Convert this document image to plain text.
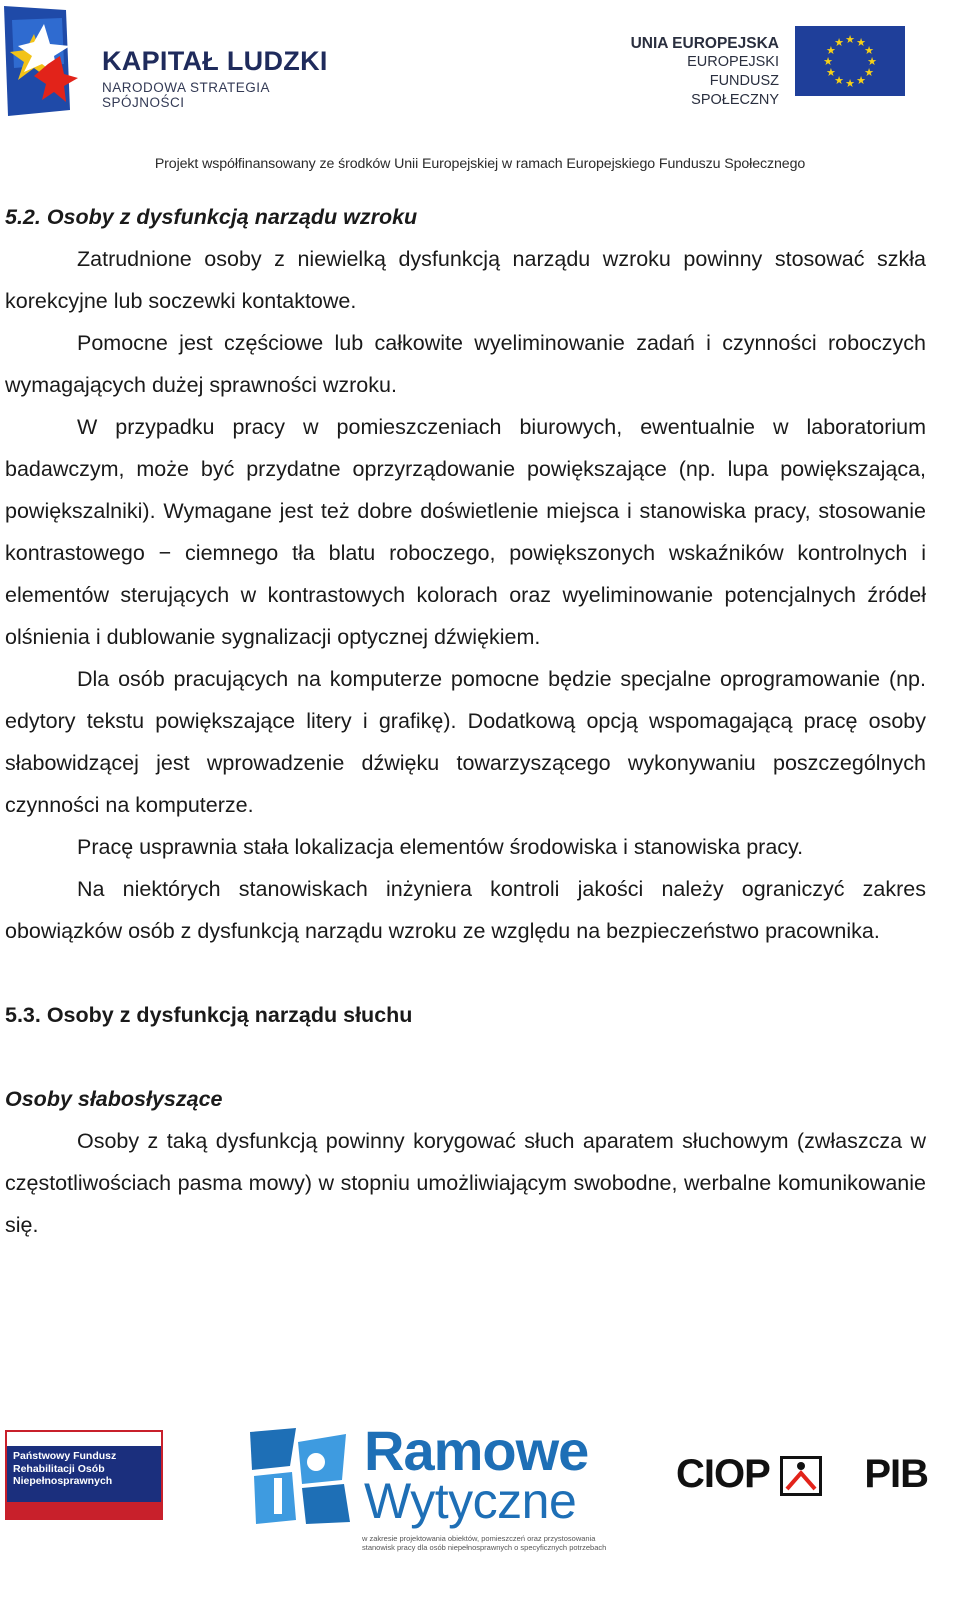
KAPITAŁ LUDZKI
NARODOWA STRATEGIA SPÓJNOŚCI
UNIA EUROPEJSKA
EUROPEJSKI
FUNDUSZ SPOŁECZNY
★ ★
★
★
★
★
★
★
★
★
★
★
Projekt współfinansowany ze środków Unii Europejskiej w ramach Europejskiego Funduszu Społecznego

5.2. Osoby z dysfunkcją narządu wzroku

Zatrudnione osoby z niewielką dysfunkcją narządu wzroku powinny stosować szkła korekcyjne lub soczewki kontaktowe.

Pomocne jest częściowe lub całkowite wyeliminowanie zadań i czynności roboczych wymagających dużej sprawności wzroku.

W przypadku pracy w pomieszczeniach biurowych, ewentualnie w laboratorium badawczym, może być przydatne oprzyrządowanie powiększające (np. lupa powiększająca, powiększalniki). Wymagane jest też dobre doświetlenie miejsca i stanowiska pracy, stosowanie kontrastowego − ciemnego tła blatu roboczego, powiększonych wskaźników kontrolnych i elementów sterujących w kontrastowych kolorach oraz wyeliminowanie potencjalnych źródeł olśnienia i dublowanie sygnalizacji optycznej dźwiękiem.

Dla osób pracujących na komputerze pomocne będzie specjalne oprogramowanie (np. edytory tekstu powiększające litery i grafikę). Dodatkową opcją wspomagającą pracę osoby słabowidzącej jest wprowadzenie dźwięku towarzyszącego wykonywaniu poszczególnych czynności na komputerze.

Pracę usprawnia stała lokalizacja elementów środowiska i stanowiska pracy.

Na niektórych stanowiskach inżyniera kontroli jakości należy ograniczyć zakres obowiązków osób z dysfunkcją narządu wzroku ze względu na bezpieczeństwo pracownika.

5.3. Osoby z dysfunkcją narządu słuchu

Osoby słabosłyszące

Osoby z taką dysfunkcją powinny korygować słuch aparatem słuchowym (zwłaszcza w częstotliwościach pasma mowy) w stopniu umożliwiającym swobodne, werbalne komunikowanie się.

Państwowy Fundusz
Rehabilitacji Osób
Niepełnosprawnych	Ramowe
Wytyczne
w zakresie projektowania obiektów, pomieszczeń oraz przystosowania stanowisk pracy dla osób niepełnosprawnych o specyficznych potrzebach
CIOP PIB
